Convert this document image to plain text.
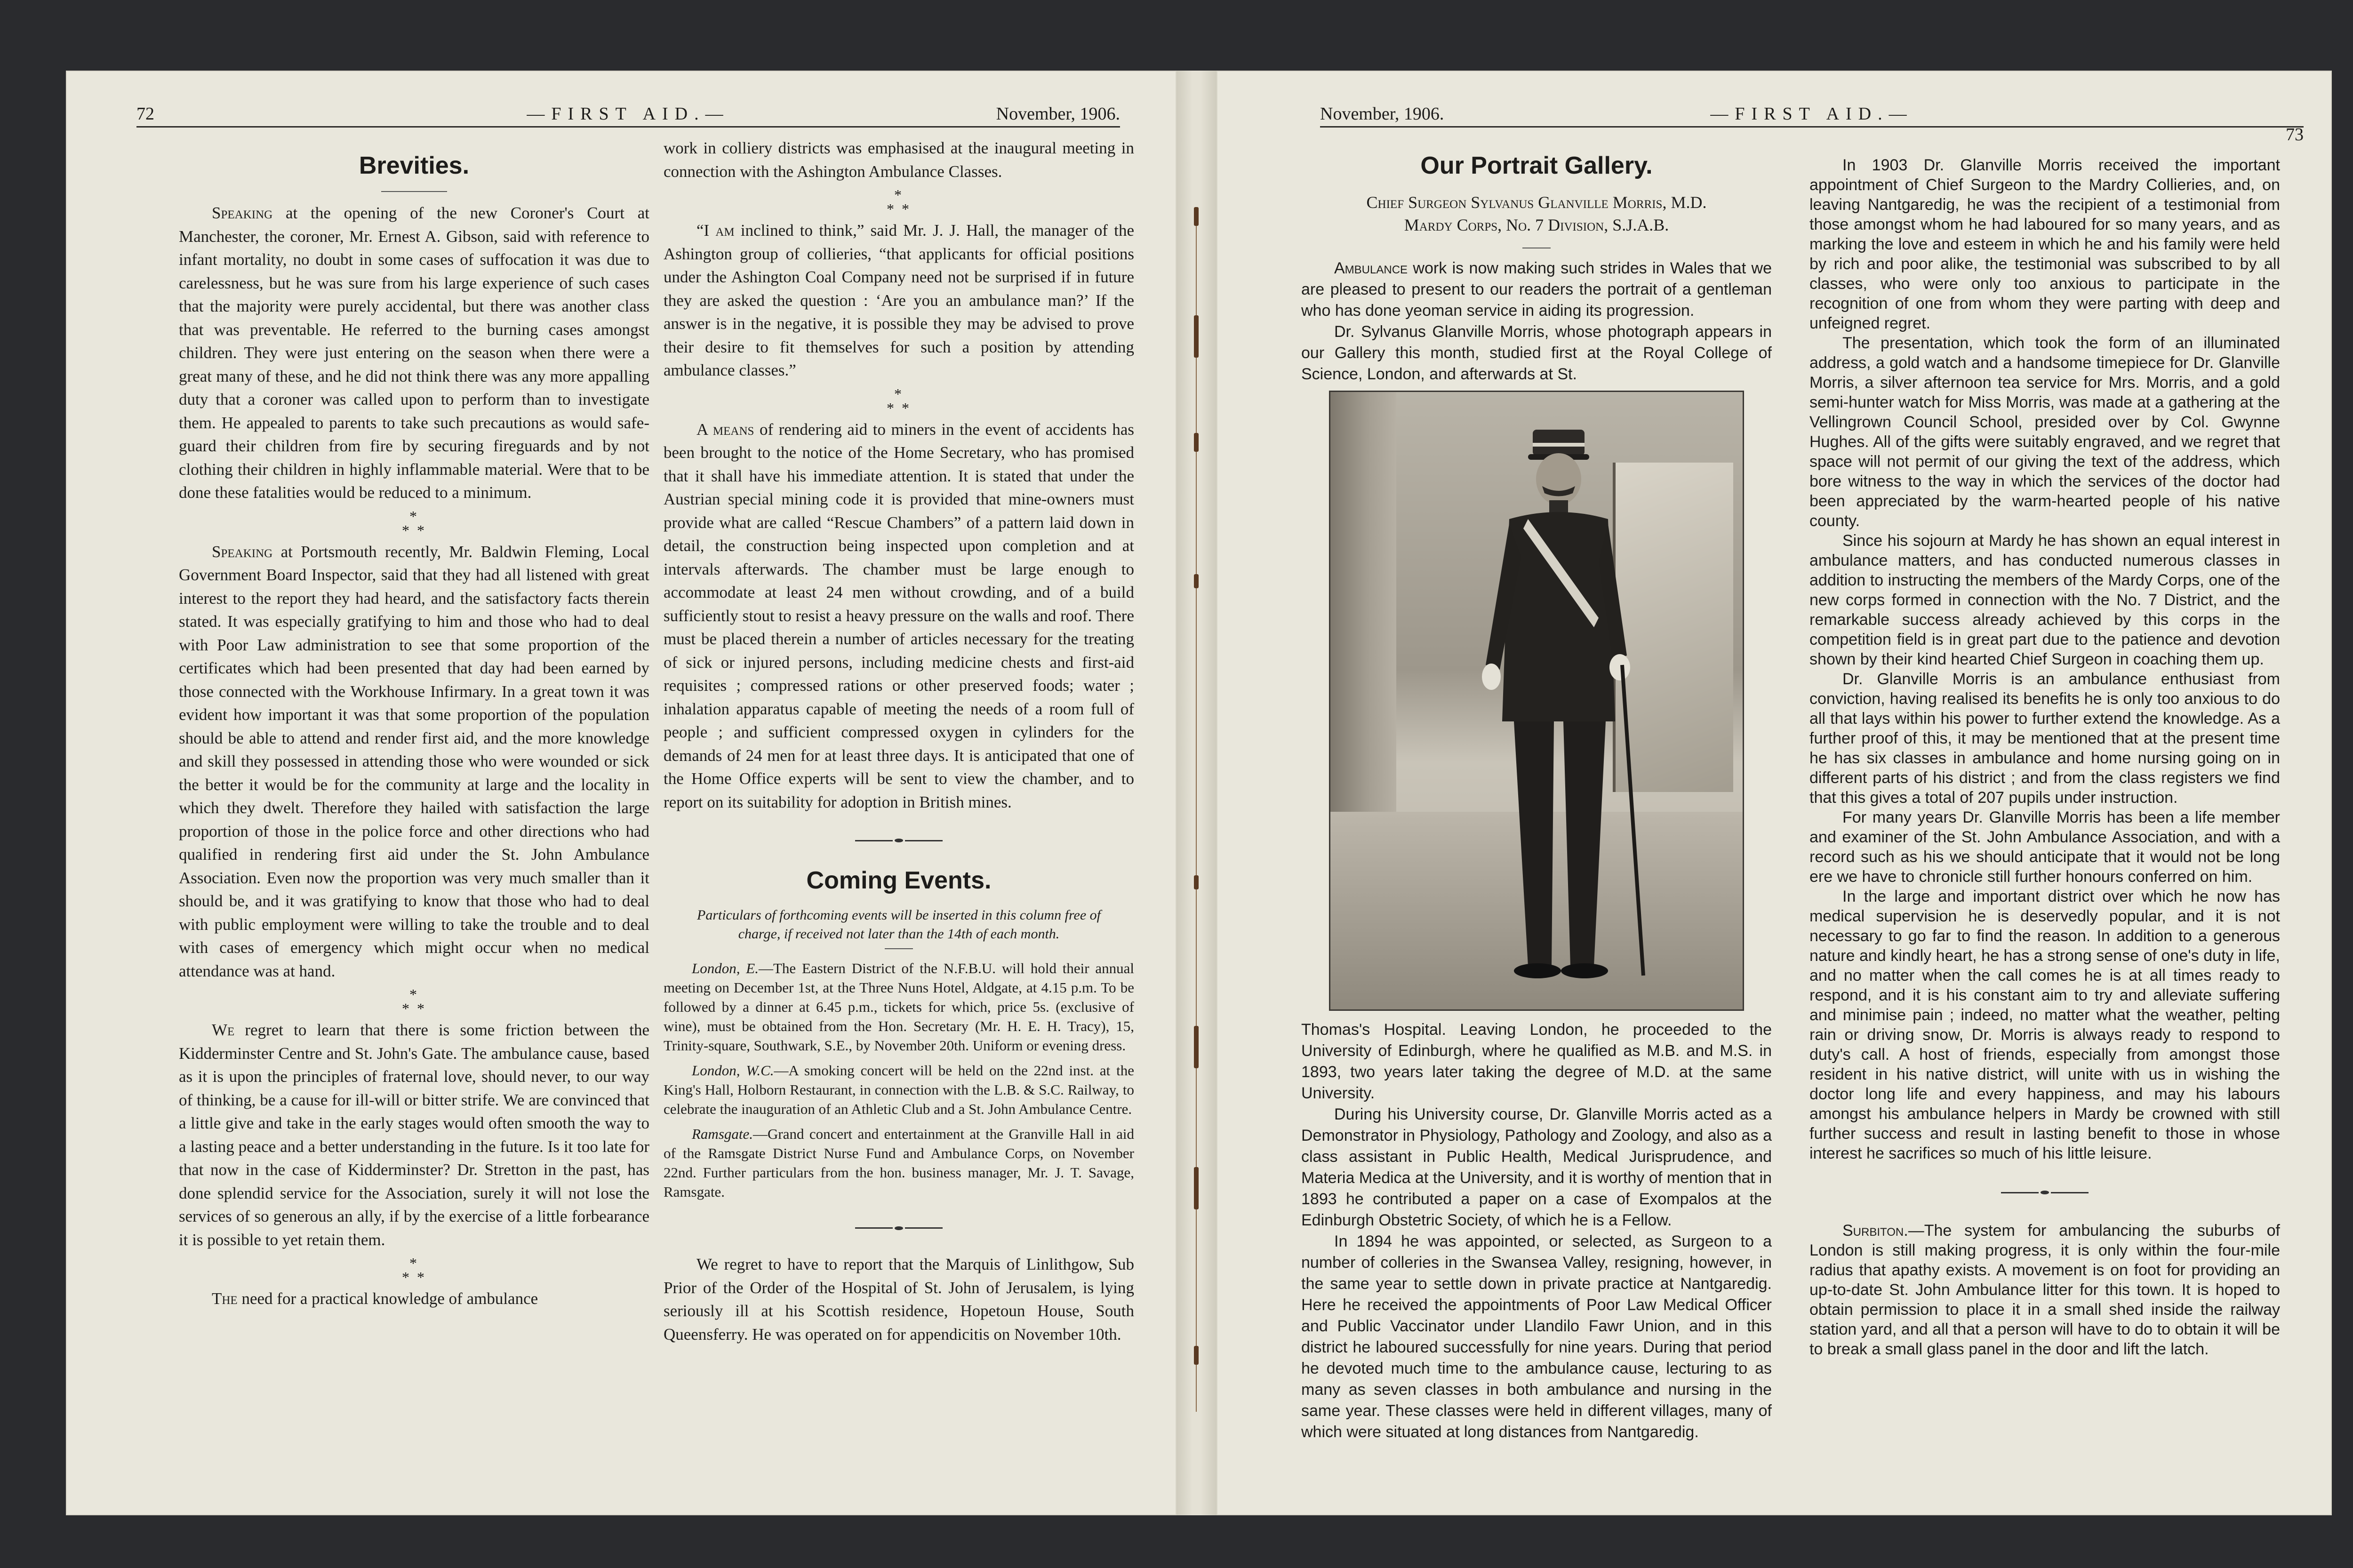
72	—FIRST AID.—	November, 1906.
Brevities.

Speaking at the opening of the new Coroner's Court at Manchester, the coroner, Mr. Ernest A. Gibson, said with reference to infant mortality, no doubt in some cases of suffocation it was due to carelessness, but he was sure from his large experience of such cases that the majority were purely accidental, but there was another class that was preventable. He referred to the burning cases amongst children. They were just entering on the season when there were a great many of these, and he did not think there was any more appalling duty that a coroner was called upon to perform than to investigate them. He appealed to parents to take such precautions as would safe-guard their children from fire by securing fireguards and by not clothing their children in highly inflammable material. Were that to be done these fatalities would be reduced to a minimum.

*
* *

Speaking at Portsmouth recently, Mr. Baldwin Fleming, Local Government Board Inspector, said that they had all listened with great interest to the report they had heard, and the satisfactory facts therein stated. It was especially gratifying to him and those who had to deal with Poor Law administration to see that some proportion of the certificates which had been presented that day had been earned by those connected with the Workhouse Infirmary. In a great town it was evident how important it was that some proportion of the population should be able to attend and render first aid, and the more knowledge and skill they possessed in attending those who were wounded or sick the better it would be for the community at large and the locality in which they dwelt. Therefore they hailed with satisfaction the large proportion of those in the police force and other directions who had qualified in rendering first aid under the St. John Ambulance Association. Even now the proportion was very much smaller than it should be, and it was gratifying to know that those who had to deal with public employment were willing to take the trouble and to deal with cases of emergency which might occur when no medical attendance was at hand.

*
* *

We regret to learn that there is some friction between the Kidderminster Centre and St. John's Gate. The ambulance cause, based as it is upon the principles of fraternal love, should never, to our way of thinking, be a cause for ill-will or bitter strife. We are convinced that a little give and take in the early stages would often smooth the way to a lasting peace and a better understanding in the future. Is it too late for that now in the case of Kidderminster? Dr. Stretton in the past, has done splendid service for the Association, surely it will not lose the services of so generous an ally, if by the exercise of a little forbearance it is possible to yet retain them.

*
* *

The need for a practical knowledge of ambulance

work in colliery districts was emphasised at the inaugural meeting in connection with the Ashington Ambulance Classes.

*
* *

“I am inclined to think,” said Mr. J. J. Hall, the manager of the Ashington group of collieries, “that applicants for official positions under the Ashington Coal Company need not be surprised if in future they are asked the question : ‘Are you an ambulance man?’ If the answer is in the negative, it is possible they may be advised to prove their desire to fit themselves for such a position by attending ambulance classes.”

*
* *

A means of rendering aid to miners in the event of accidents has been brought to the notice of the Home Secretary, who has promised that it shall have his immediate attention. It is stated that under the Austrian special mining code it is provided that mine-owners must provide what are called “Rescue Chambers” of a pattern laid down in detail, the construction being inspected upon completion and at intervals afterwards. The chamber must be large enough to accommodate at least 24 men without crowding, and of a build sufficiently stout to resist a heavy pressure on the walls and roof. There must be placed therein a number of articles necessary for the treating of sick or injured persons, including medicine chests and first-aid requisites ; compressed rations or other preserved foods; water ; inhalation apparatus capable of meeting the needs of a room full of people ; and sufficient compressed oxygen in cylinders for the demands of 24 men for at least three days. It is anticipated that one of the Home Office experts will be sent to view the chamber, and to report on its suitability for adoption in British mines.

Coming Events.
Particulars of forthcoming events will be inserted in this column free of charge, if received not later than the 14th of each month.

London, E.—The Eastern District of the N.F.B.U. will hold their annual meeting on December 1st, at the Three Nuns Hotel, Aldgate, at 4.15 p.m. To be followed by a dinner at 6.45 p.m., tickets for which, price 5s. (exclusive of wine), must be obtained from the Hon. Secretary (Mr. H. E. H. Tracy), 15, Trinity-square, Southwark, S.E., by November 20th. Uniform or evening dress.

London, W.C.—A smoking concert will be held on the 22nd inst. at the King's Hall, Holborn Restaurant, in connection with the L.B. & S.C. Railway, to celebrate the inauguration of an Athletic Club and a St. John Ambulance Centre.

Ramsgate.—Grand concert and entertainment at the Granville Hall in aid of the Ramsgate District Nurse Fund and Ambulance Corps, on November 22nd. Further particulars from the hon. business manager, Mr. J. T. Savage, Ramsgate.

We regret to have to report that the Marquis of Linlithgow, Sub Prior of the Order of the Hospital of St. John of Jerusalem, is lying seriously ill at his Scottish residence, Hopetoun House, South Queensferry. He was operated on for appendicitis on November 10th.

November, 1906.	—FIRST AID.—
73
Our Portrait Gallery.
Chief Surgeon Sylvanus Glanville Morris, M.D.
Mardy Corps, No. 7 Division, S.J.A.B.

Ambulance work is now making such strides in Wales that we are pleased to present to our readers the portrait of a gentleman who has done yeoman service in aiding its progression.

Dr. Sylvanus Glanville Morris, whose photograph appears in our Gallery this month, studied first at the Royal College of Science, London, and afterwards at St.

Thomas's Hospital. Leaving London, he proceeded to the University of Edinburgh, where he qualified as M.B. and M.S. in 1893, two years later taking the degree of M.D. at the same University.

During his University course, Dr. Glanville Morris acted as a Demonstrator in Physiology, Pathology and Zoology, and also as a class assistant in Public Health, Medical Jurisprudence, and Materia Medica at the University, and it is worthy of mention that in 1893 he contributed a paper on a case of Exompalos at the Edinburgh Obstetric Society, of which he is a Fellow.

In 1894 he was appointed, or selected, as Surgeon to a number of colleries in the Swansea Valley, resigning, however, in the same year to settle down in private practice at Nantgaredig. Here he received the appointments of Poor Law Medical Officer and Public Vaccinator under Llandilo Fawr Union, and in this district he laboured successfully for nine years. During that period he devoted much time to the ambulance cause, lecturing to as many as seven classes in both ambulance and nursing in the same year. These classes were held in different villages, many of which were situated at long distances from Nantgaredig.

In 1903 Dr. Glanville Morris received the important appointment of Chief Surgeon to the Mardry Collieries, and, on leaving Nantgaredig, he was the recipient of a testimonial from those amongst whom he had laboured for so many years, and as marking the love and esteem in which he and his family were held by rich and poor alike, the testimonial was subscribed to by all classes, who were only too anxious to participate in the recognition of one from whom they were parting with deep and unfeigned regret.

The presentation, which took the form of an illuminated address, a gold watch and a handsome timepiece for Dr. Glanville Morris, a silver afternoon tea service for Mrs. Morris, and a gold semi-hunter watch for Miss Morris, was made at a gathering at the Vellingrown Council School, presided over by Col. Gwynne Hughes. All of the gifts were suitably engraved, and we regret that space will not permit of our giving the text of the address, which bore witness to the way in which the services of the doctor had been appreciated by the warm-hearted people of his native county.

Since his sojourn at Mardy he has shown an equal interest in ambulance matters, and has conducted numerous classes in addition to instructing the members of the Mardy Corps, one of the new corps formed in connection with the No. 7 District, and the remarkable success already achieved by this corps in the competition field is in great part due to the patience and devotion shown by their kind hearted Chief Surgeon in coaching them up.

Dr. Glanville Morris is an ambulance enthusiast from conviction, having realised its benefits he is only too anxious to do all that lays within his power to further extend the knowledge. As a further proof of this, it may be mentioned that at the present time he has six classes in ambulance and home nursing going on in different parts of his district ; and from the class registers we find that this gives a total of 207 pupils under instruction.

For many years Dr. Glanville Morris has been a life member and examiner of the St. John Ambulance Association, and with a record such as his we should anticipate that it would not be long ere we have to chronicle still further honours conferred on him.

In the large and important district over which he now has medical supervision he is deservedly popular, and it is not necessary to go far to find the reason. In addition to a generous nature and kindly heart, he has a strong sense of one's duty in life, and no matter when the call comes he is at all times ready to respond, and it is his constant aim to try and alleviate suffering and minimise pain ; indeed, no matter what the weather, pelting rain or driving snow, Dr. Morris is always ready to respond to duty's call. A host of friends, especially from amongst those resident in his native district, will unite with us in wishing the doctor long life and every happiness, and may his labours amongst his ambulance helpers in Mardy be crowned with still further success and result in lasting benefit to those in whose interest he sacrifices so much of his little leisure.

Surbiton.—The system for ambulancing the suburbs of London is still making progress, it is only within the four-mile radius that apathy exists. A movement is on foot for providing an up-to-date St. John Ambulance litter for this town. It is hoped to obtain permission to place it in a small shed inside the railway station yard, and all that a person will have to do to obtain it will be to break a small glass panel in the door and lift the latch.
